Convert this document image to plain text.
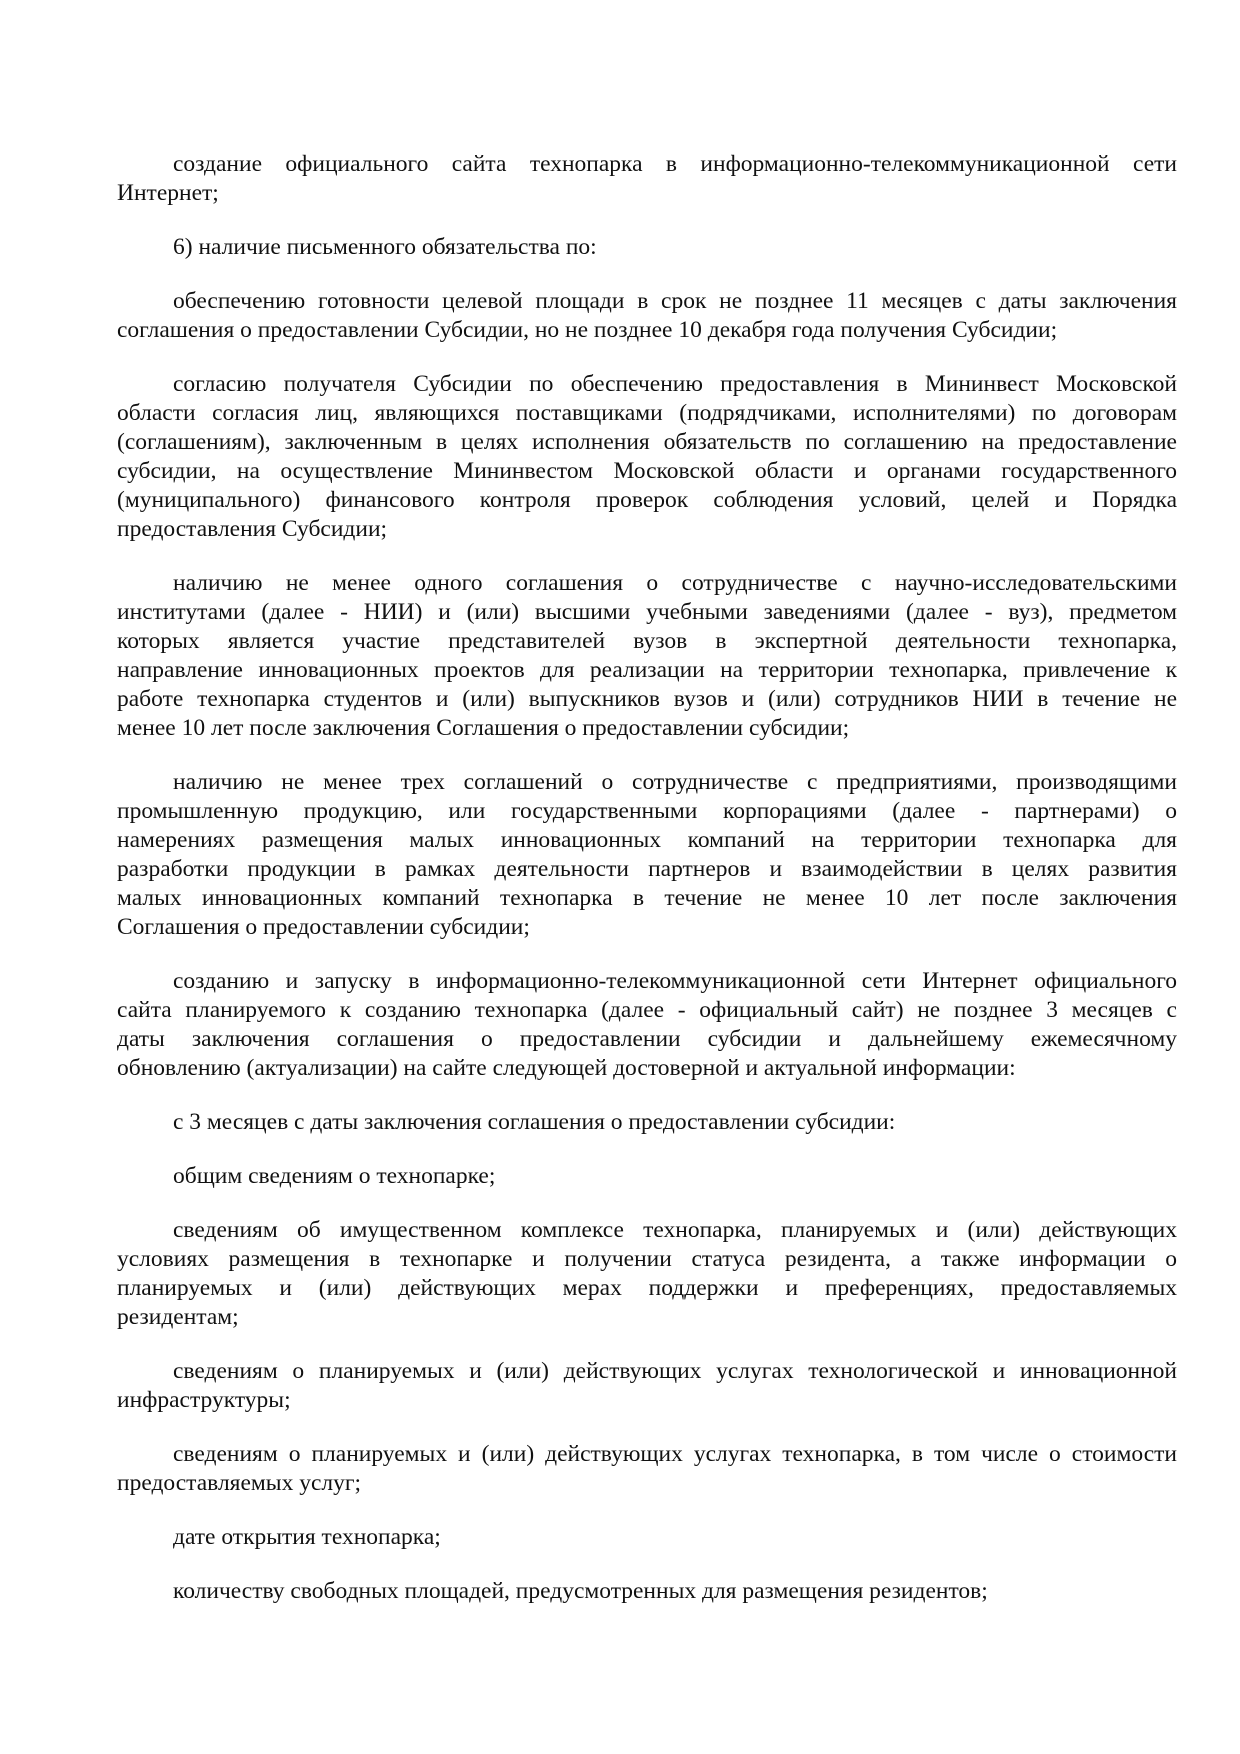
создание официального сайта технопарка в информационно-телекоммуникационной сети
Интернет;
6) наличие письменного обязательства по:
обеспечению готовности целевой площади в срок не позднее 11 месяцев с даты заключения
соглашения о предоставлении Субсидии, но не позднее 10 декабря года получения Субсидии;
согласию получателя Субсидии по обеспечению предоставления в Мининвест Московской
области согласия лиц, являющихся поставщиками (подрядчиками, исполнителями) по договорам
(соглашениям), заключенным в целях исполнения обязательств по соглашению на предоставление
субсидии, на осуществление Мининвестом Московской области и органами государственного
(муниципального) финансового контроля проверок соблюдения условий, целей и Порядка
предоставления Субсидии;
наличию не менее одного соглашения о сотрудничестве с научно-исследовательскими
институтами (далее - НИИ) и (или) высшими учебными заведениями (далее - вуз), предметом
которых является участие представителей вузов в экспертной деятельности технопарка,
направление инновационных проектов для реализации на территории технопарка, привлечение к
работе технопарка студентов и (или) выпускников вузов и (или) сотрудников НИИ в течение не
менее 10 лет после заключения Соглашения о предоставлении субсидии;
наличию не менее трех соглашений о сотрудничестве с предприятиями, производящими
промышленную продукцию, или государственными корпорациями (далее - партнерами) о
намерениях размещения малых инновационных компаний на территории технопарка для
разработки продукции в рамках деятельности партнеров и взаимодействии в целях развития
малых инновационных компаний технопарка в течение не менее 10 лет после заключения
Соглашения о предоставлении субсидии;
созданию и запуску в информационно-телекоммуникационной сети Интернет официального
сайта планируемого к созданию технопарка (далее - официальный сайт) не позднее 3 месяцев с
даты заключения соглашения о предоставлении субсидии и дальнейшему ежемесячному
обновлению (актуализации) на сайте следующей достоверной и актуальной информации:
с 3 месяцев с даты заключения соглашения о предоставлении субсидии:
общим сведениям о технопарке;
сведениям об имущественном комплексе технопарка, планируемых и (или) действующих
условиях размещения в технопарке и получении статуса резидента, а также информации о
планируемых и (или) действующих мерах поддержки и преференциях, предоставляемых
резидентам;
сведениям о планируемых и (или) действующих услугах технологической и инновационной
инфраструктуры;
сведениям о планируемых и (или) действующих услугах технопарка, в том числе о стоимости
предоставляемых услуг;
дате открытия технопарка;
количеству свободных площадей, предусмотренных для размещения резидентов;
